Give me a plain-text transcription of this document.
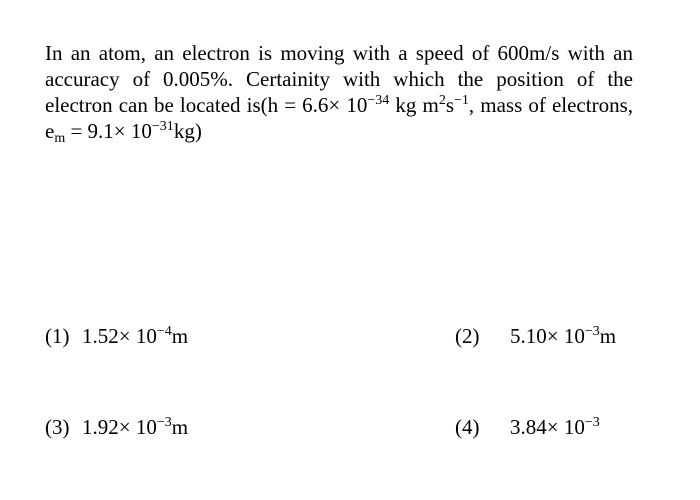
In an atom, an electron is moving with a speed of 600m/s with an accuracy of 0.005%. Certainity with which the position of the electron can be located $is(h = 6.6\times 10^{-34}$ kg $m^2s^{-1}$, mass of electrons, $e_m = 9.1\times 10^{-31}kg$)

(1) $1.52\times 10^{-4}m$	(2) $5.10\times 10^{-3}m$
(3) $1.92\times 10^{-3}m$	(4) $3.84\times 10^{-3}$
